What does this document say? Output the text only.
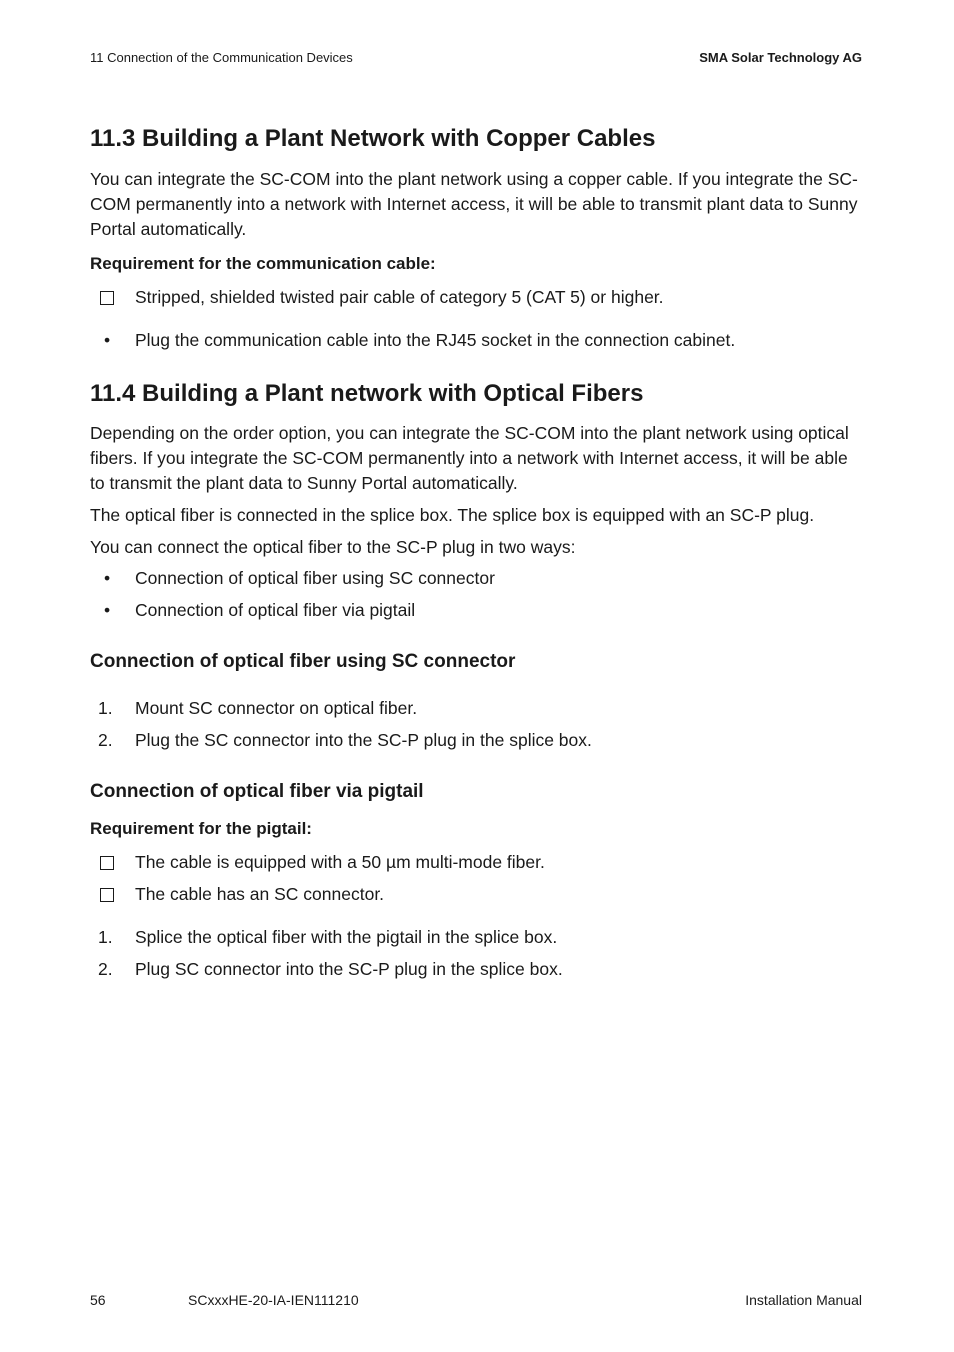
11 Connection of the Communication Devices	SMA Solar Technology AG
11.3 Building a Plant Network with Copper Cables

You can integrate the SC-COM into the plant network using a copper cable. If you integrate the SC-COM permanently into a network with Internet access, it will be able to transmit plant data to Sunny Portal automatically.

Requirement for the communication cable:
Stripped, shielded twisted pair cable of category 5 (CAT 5) or higher.
•	Plug the communication cable into the RJ45 socket in the connection cabinet.
11.4 Building a Plant network with Optical Fibers

Depending on the order option, you can integrate the SC-COM into the plant network using optical fibers. If you integrate the SC-COM permanently into a network with Internet access, it will be able to transmit the plant data to Sunny Portal automatically.

The optical fiber is connected in the splice box. The splice box is equipped with an SC-P plug.

You can connect the optical fiber to the SC-P plug in two ways:

•	Connection of optical fiber using SC connector
•	Connection of optical fiber via pigtail
Connection of optical fiber using SC connector
1.	Mount SC connector on optical fiber.
2.	Plug the SC connector into the SC-P plug in the splice box.
Connection of optical fiber via pigtail
Requirement for the pigtail:
The cable is equipped with a 50 µm multi-mode fiber.
The cable has an SC connector.
1.	Splice the optical fiber with the pigtail in the splice box.
2.	Plug SC connector into the SC-P plug in the splice box.
56	SCxxxHE-20-IA-IEN111210	Installation Manual
